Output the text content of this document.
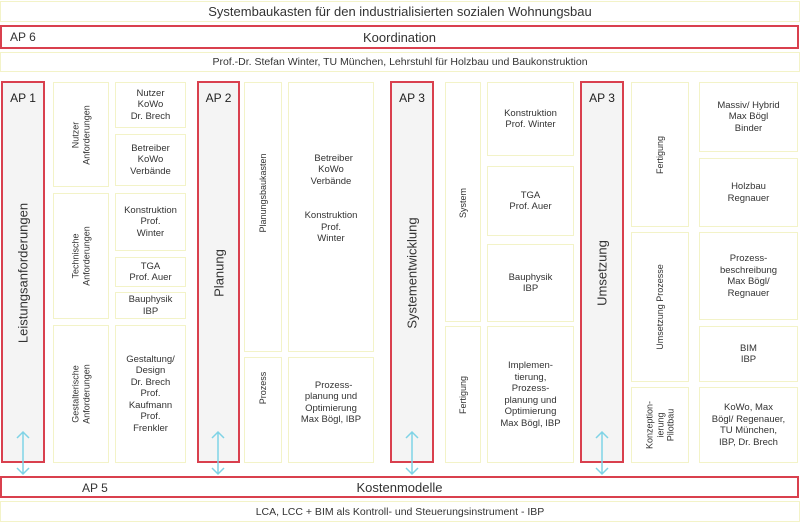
Systembaukasten für den industrialisierten sozialen Wohnungsbau
AP 6	Koordination
Prof.-Dr. Stefan Winter, TU München, Lehrstuhl für Holzbau und Baukonstruktion
AP 1
Leistungsanforderungen
Nutzer
Anforderungen
Technische
Anforderungen
Gestalterische
Anforderungen
Nutzer
KoWo
Dr. Brech
Betreiber
KoWo
Verbände
Konstruktion
Prof.
Winter
TGA
Prof. Auer
Bauphysik
IBP
Gestaltung/
Design
Dr. Brech
Prof.
Kaufmann
Prof.
Frenkler
AP 2
Planung
Planungsbaukasten
Prozess

Betreiber
KoWo
Verbände

Konstruktion
Prof.
Winter

Prozess-
planung und
Optimierung
Max Bögl, IBP

AP 3
Systementwicklung
System
Fertigung
Konstruktion
Prof. Winter
TGA
Prof. Auer
Bauphysik
IBP
Implemen-
tierung,
Prozess-
planung und
Optimierung
Max Bögl, IBP
AP 3
Umsetzung
Fertigung
Umsetzung Prozesse
Konzeption-
ierung
Pilotbau
Massiv/ Hybrid
Max Bögl
Binder
Holzbau
Regnauer
Prozess-
beschreibung
Max Bögl/
Regnauer
BIM
IBP
KoWo, Max
Bögl/ Regenauer,
TU München,
IBP, Dr. Brech
AP 5	Kostenmodelle
LCA, LCC + BIM als Kontroll- und Steuerungsinstrument - IBP
